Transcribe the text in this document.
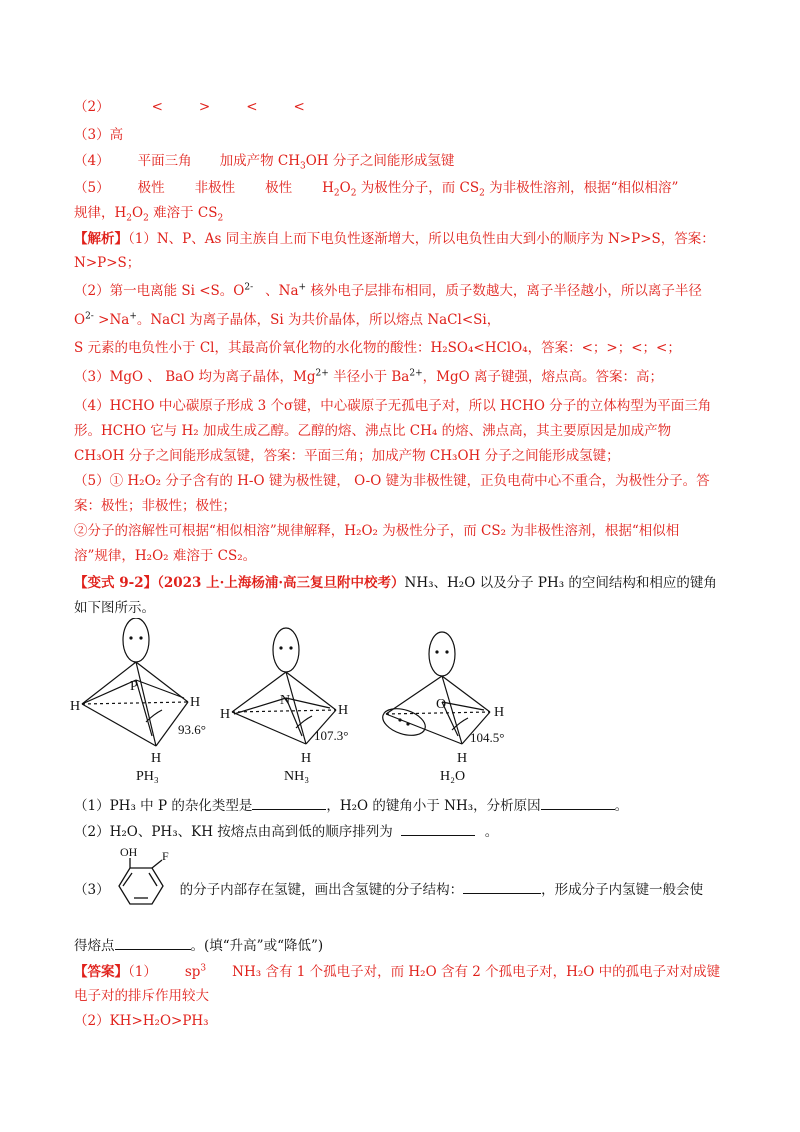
（2）	<	>	<	<
（3）高
（4） 平面三角 加成产物 $CH_3OH$ 分子之间能形成氢键
（5） 极性 非极性 极性 $H_2O_2$ 为极性分子，而 $CS_2$ 为非极性溶剂，根据“相似相溶”
规律，$H_2O_2$ 难溶于 $CS_2$
【解析】（1）N、P、As 同主族自上而下电负性逐渐增大，所以电负性由大到小的顺序为 N>P>S，答案：
N>P>S；
（2）第一电离能 Si <S。$O^{2-}$ 、Na+ 核外电子层排布相同，质子数越大，离子半径越小，所以离子半径
$O^{2-} >Na^+$。NaCl 为离子晶体，Si 为共价晶体，所以熔点 NaCl<Si，
S 元素的电负性小于 Cl，其最高价氧化物的水化物的酸性：H₂SO₄<HClO₄，答案：<；>；<；<；
（3）MgO 、 BaO 均为离子晶体，$Mg^{2+}$ 半径小于 $Ba^{2+}$，MgO 离子键强，熔点高。答案：高；
（4）HCHO 中心碳原子形成 3 个σ键，中心碳原子无孤电子对，所以 HCHO 分子的立体构型为平面三角
形。HCHO 它与 H₂ 加成生成乙醇。乙醇的熔、沸点比 CH₄ 的熔、沸点高，其主要原因是加成产物
CH₃OH 分子之间能形成氢键，答案：平面三角；加成产物 CH₃OH 分子之间能形成氢键；
（5）① H₂O₂ 分子含有的 H-O 键为极性键， O-O 键为非极性键，正负电荷中心不重合，为极性分子。答
案：极性；非极性；极性；
②分子的溶解性可根据“相似相溶”规律解释，H₂O₂ 为极性分子，而 CS₂ 为非极性溶剂，根据“相似相
溶”规律，H₂O₂ 难溶于 CS₂。
【变式 9-2】（2023 上·上海杨浦·高三复旦附中校考）NH₃、H₂O 以及分子 PH₃ 的空间结构和相应的键角
如下图所示。
P
H	H
H
93.6°
PH₃
N
H	H
H
107.3°
NH₃
O
H
H
104.5°
H₂O
（1）PH₃ 中 P 的杂化类型是	，H₂O 的键角小于 NH₃，分析原因	。
（2）H₂O、PH₃、KH 按熔点由高到低的顺序排列为	。
OH F
（3）	的分子内部存在氢键，画出含氢键的分子结构：	，形成分子内氢键一般会使
得熔点	。(填“升高”或“降低”)
【答案】（1） $sp^3$ NH₃ 含有 1 个孤电子对，而 H₂O 含有 2 个孤电子对，H₂O 中的孤电子对对成键
电子对的排斥作用较大
（2）KH>H₂O>PH₃
